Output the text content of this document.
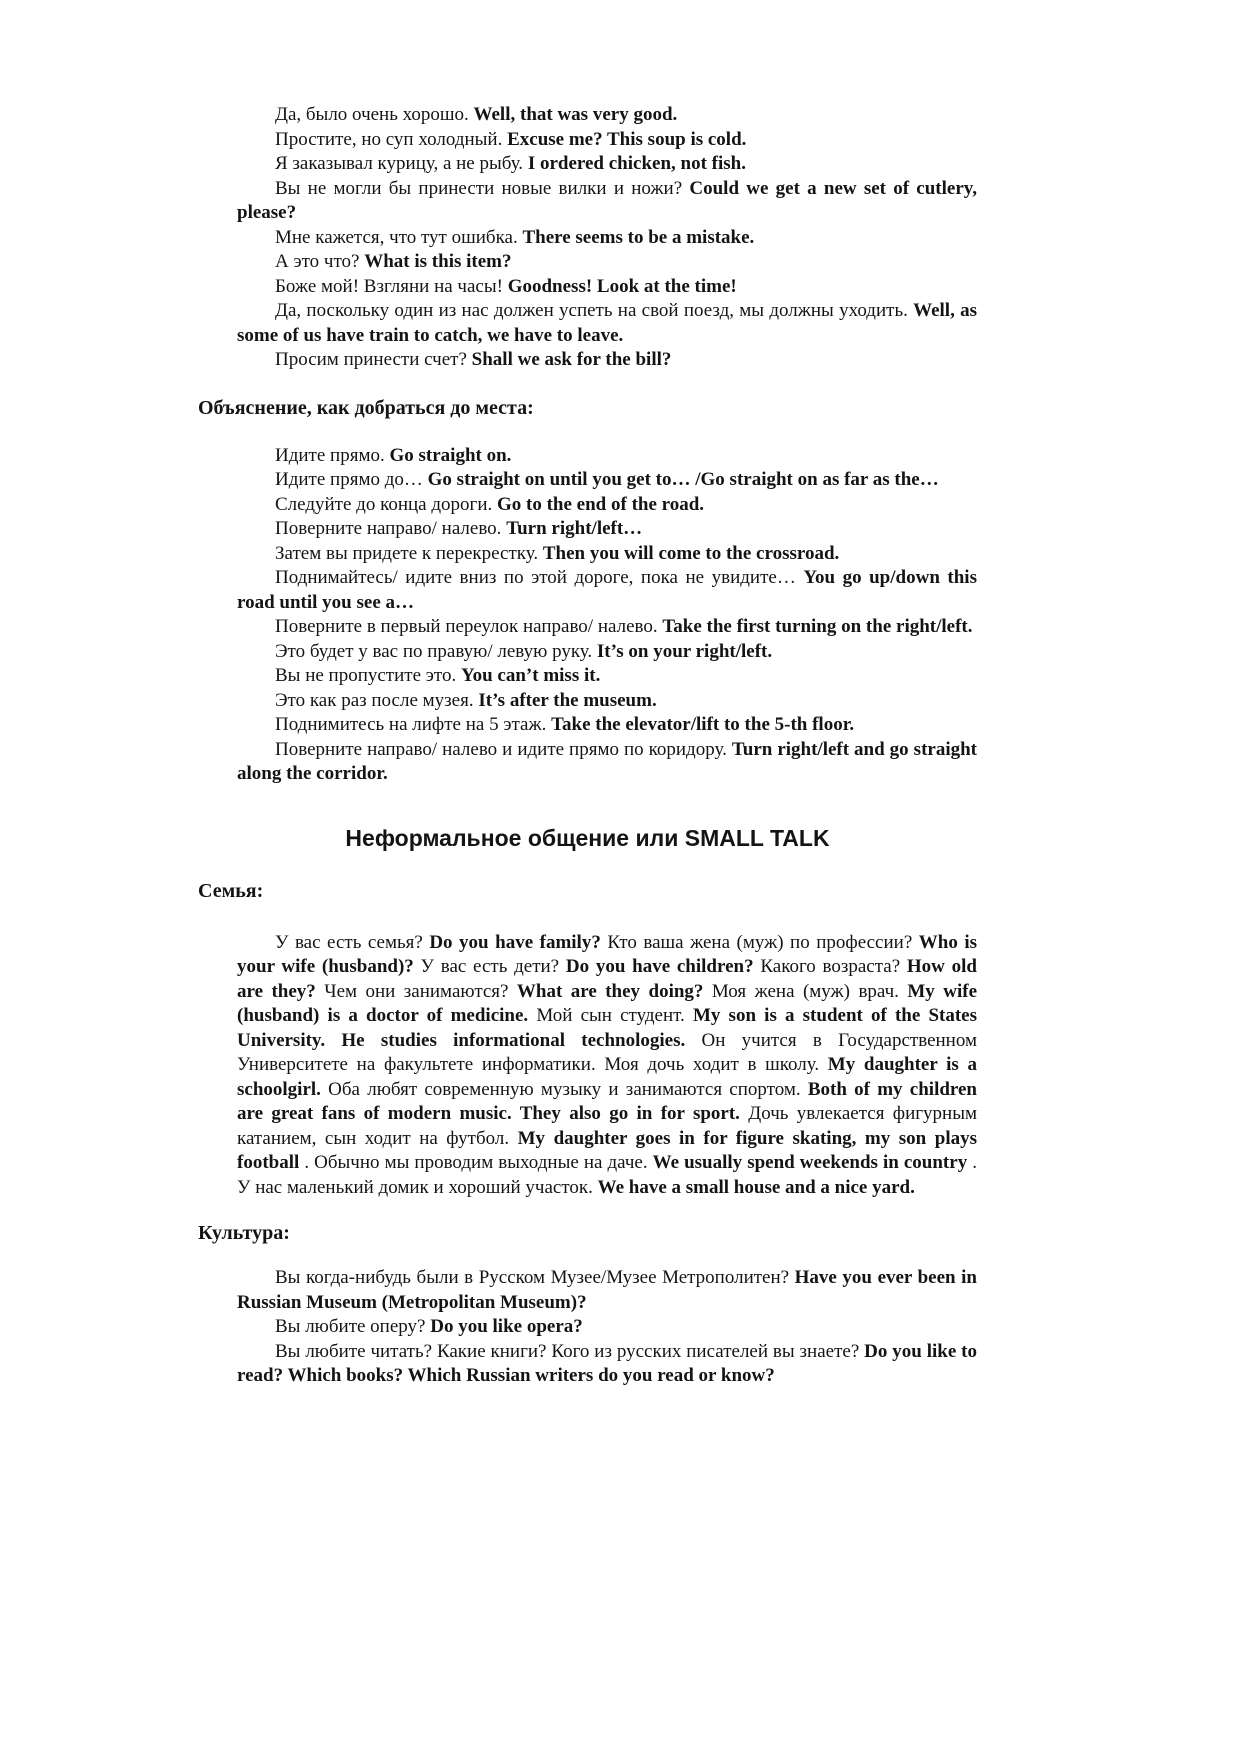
Да, было очень хорошо. Well, that was very good.

Простите, но суп холодный. Excuse me? This soup is cold.

Я заказывал курицу, а не рыбу. I ordered chicken, not fish.

Вы не могли бы принести новые вилки и ножи? Could we get a new set of cutlery, please?

Мне кажется, что тут ошибка. There seems to be a mistake.

А это что? What is this item?

Боже мой! Взгляни на часы! Goodness! Look at the time!

Да, поскольку один из нас должен успеть на свой поезд, мы должны уходить. Well, as some of us have train to catch, we have to leave.

Просим принести счет? Shall we ask for the bill?

Объяснение, как добраться до места:

Идите прямо. Go straight on.

Идите прямо до… Go straight on until you get to… /Go straight on as far as the…

Следуйте до конца дороги. Go to the end of the road.

Поверните направо/ налево. Turn right/left…

Затем вы придете к перекрестку. Then you will come to the crossroad.

Поднимайтесь/ идите вниз по этой дороге, пока не увидите… You go up/down this road until you see a…

Поверните в первый переулок направо/ налево. Take the first turning on the right/left.

Это будет у вас по правую/ левую руку. It’s on your right/left.

Вы не пропустите это. You can’t miss it.

Это как раз после музея. It’s after the museum.

Поднимитесь на лифте на 5 этаж. Take the elevator/lift to the 5-th floor.

Поверните направо/ налево и идите прямо по коридору. Turn right/left and go straight along the corridor.

Неформальное общение или SMALL TALK
Семья:

У вас есть семья? Do you have family? Кто ваша жена (муж) по профессии? Who is your wife (husband)? У вас есть дети? Do you have children? Какого возраста? How old are they? Чем они занимаются? What are they doing? Моя жена (муж) врач. My wife (husband) is a doctor of medicine. Мой сын студент. My son is a student of the States University. He studies informational technologies. Он учится в Государственном Университете на факультете информатики. Моя дочь ходит в школу. My daughter is a schoolgirl. Оба любят современную музыку и занимаются спортом. Both of my children are great fans of modern music. They also go in for sport. Дочь увлекается фигурным катанием, сын ходит на футбол. My daughter goes in for figure skating, my son plays football . Обычно мы проводим выходные на даче. We usually spend weekends in country . У нас маленький домик и хороший участок. We have a small house and a nice yard.

Культура:

Вы когда-нибудь были в Русском Музее/Музее Метрополитен? Have you ever been in Russian Museum (Metropolitan Museum)?

Вы любите оперу? Do you like opera?

Вы любите читать? Какие книги? Кого из русских писателей вы знаете? Do you like to read? Which books? Which Russian writers do you read or know?
